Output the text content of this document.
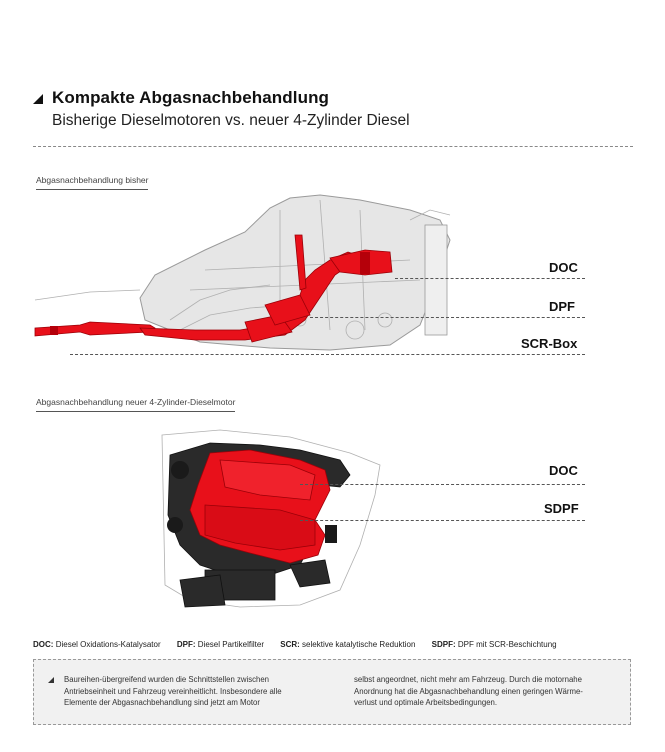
Kompakte Abgasnachbehandlung
Bisherige Dieselmotoren vs. neuer 4-Zylinder Diesel
Abgasnachbehandlung bisher
DOC
DPF
SCR-Box
Abgasnachbehandlung neuer 4-Zylinder-Dieselmotor
DOC
SDPF
DOC: Diesel Oxidations-Katalysator DPF: Diesel Partikelfilter SCR: selektive katalytische Reduktion SDPF: DPF mit SCR-Beschichtung
Baureihen-übergreifend wurden die Schnittstellen zwischen Antriebseinheit und Fahrzeug vereinheitlicht. Insbesondere alle Elemente der Abgasnachbehandlung sind jetzt am Motor
selbst angeordnet, nicht mehr am Fahrzeug. Durch die motornahe Anordnung hat die Abgasnachbehandlung einen geringen Wärme-verlust und optimale Arbeitsbedingungen.
